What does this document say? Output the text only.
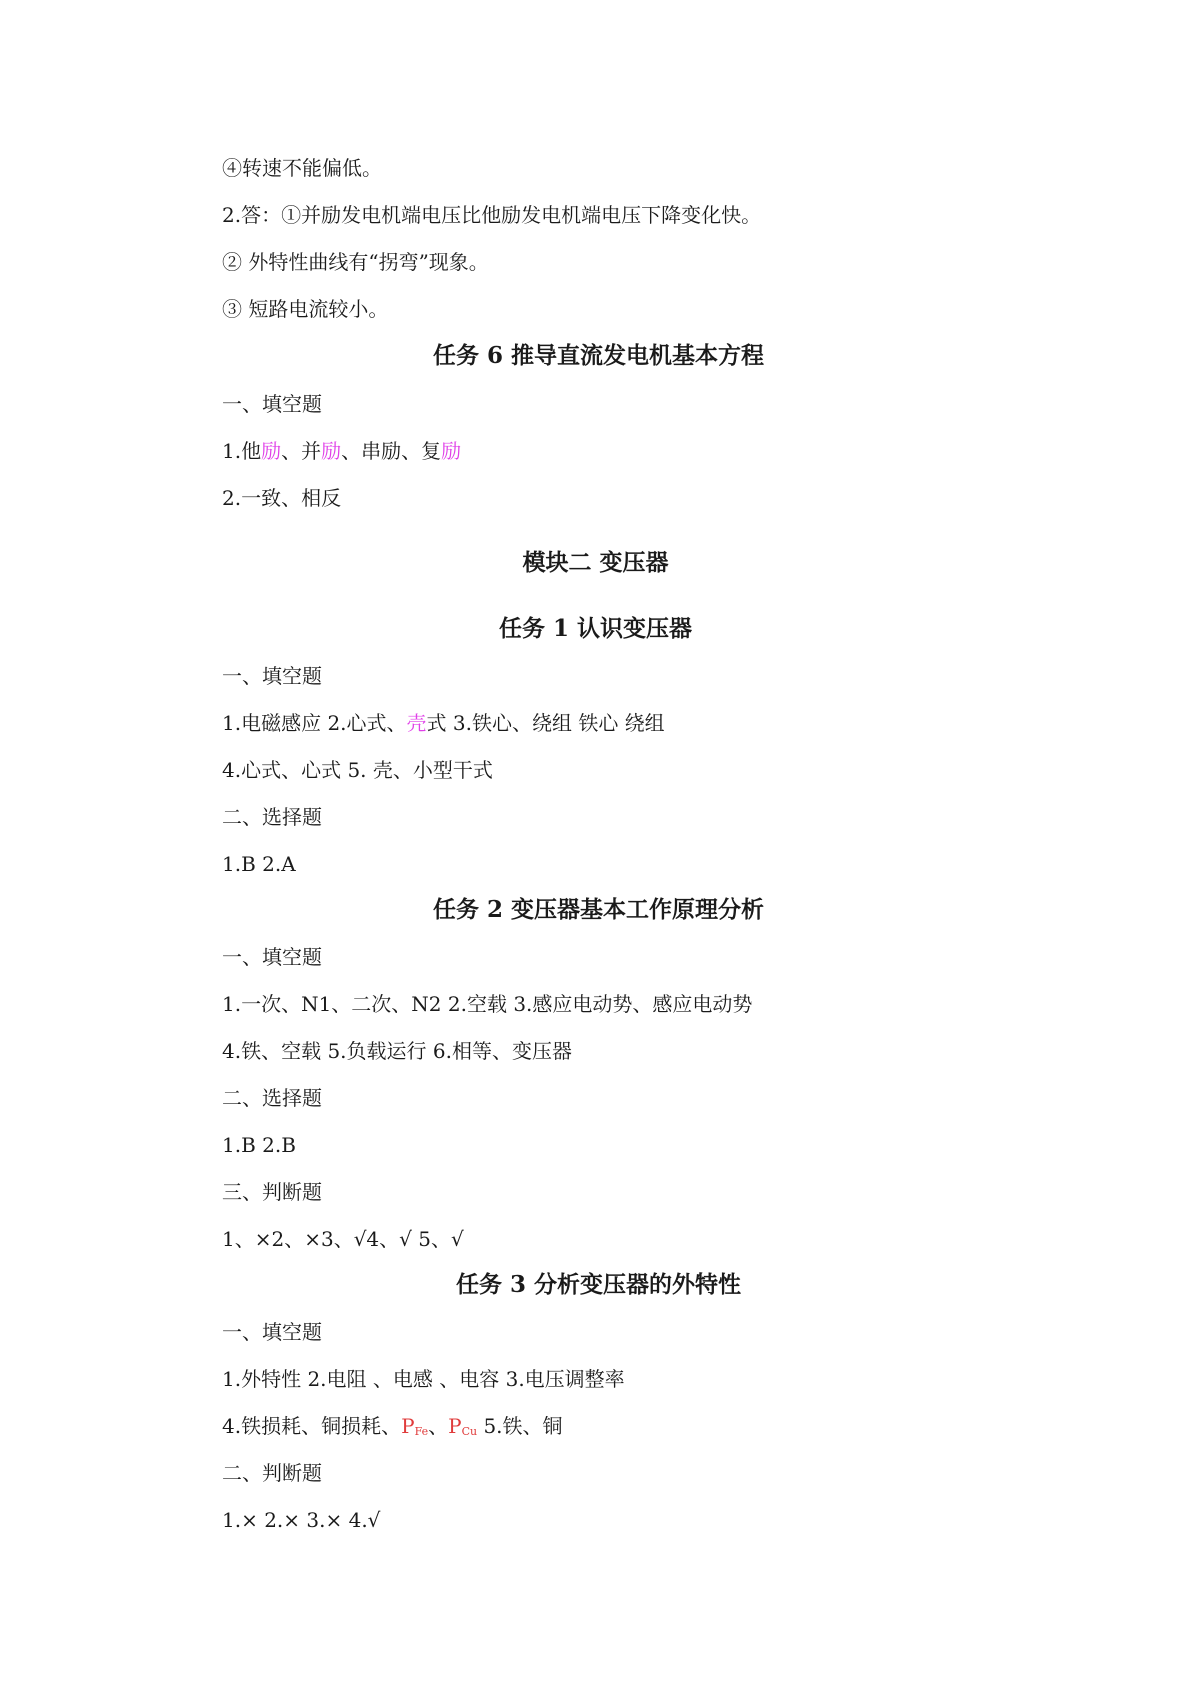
④转速不能偏低。
2.答：①并励发电机端电压比他励发电机端电压下降变化快。
② 外特性曲线有“拐弯”现象。
③ 短路电流较小。
任务 6 推导直流发电机基本方程
一、填空题
1.他励、并励、串励、复励
2.一致、相反
模块二 变压器
任务 1 认识变压器
一、填空题
1.电磁感应 2.心式、壳式 3.铁心、绕组 铁心 绕组
4.心式、心式 5. 壳、小型干式
二、选择题
1.B 2.A
任务 2 变压器基本工作原理分析
一、填空题
1.一次、N1、二次、N2 2.空载 3.感应电动势、感应电动势
4.铁、空载 5.负载运行 6.相等、变压器
二、选择题
1.B 2.B
三、判断题
1、×2、×3、√4、√ 5、√
任务 3 分析变压器的外特性
一、填空题
1.外特性 2.电阻 、电感 、电容 3.电压调整率
4.铁损耗、铜损耗、PFe、PCu 5.铁、铜
二、判断题
1.× 2.× 3.× 4.√
